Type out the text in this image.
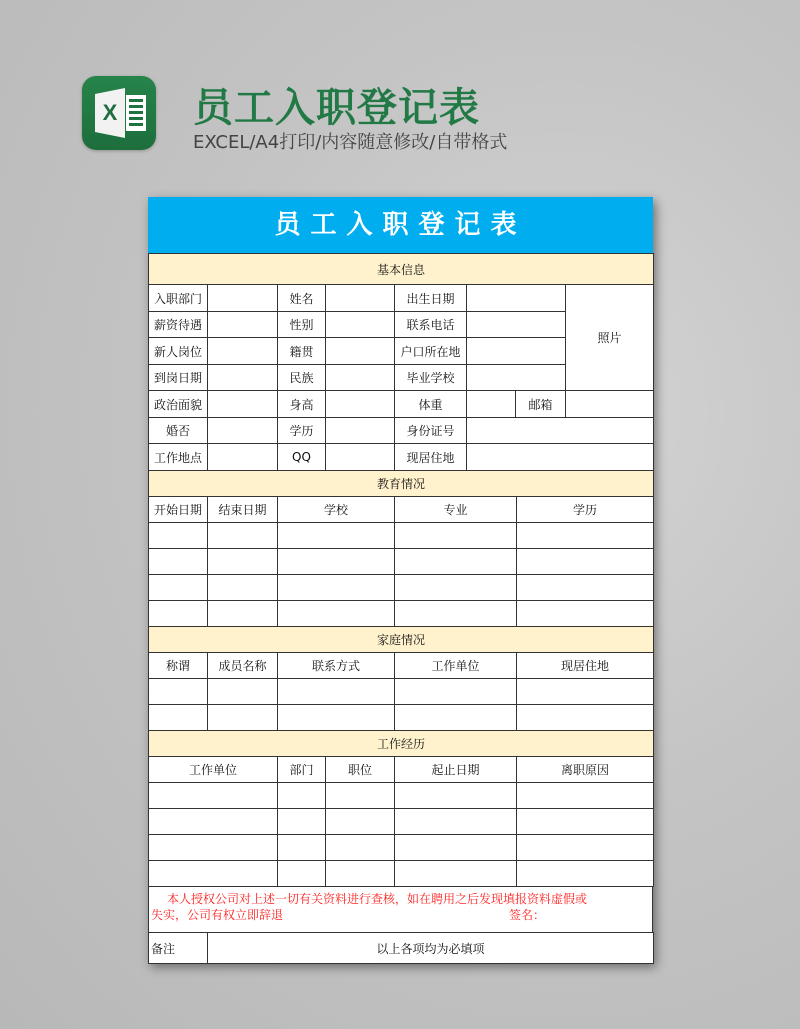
X 员工入职登记表
EXCEL/A4打印/内容随意修改/自带格式
员工入职登记表
基本信息							
入职部门		姓名		出生日期			照片
薪资待遇		性别		联系电话			
新人岗位		籍贯		户口所在地			
到岗日期		民族		毕业学校			
政治面貌		身高		体重		邮箱	
婚否		学历		身份证号			
工作地点		QQ		现居住地			
教育情况				
开始日期	结束日期	学校	专业	学历

家庭情况				
称谓	成员名称	联系方式	工作单位	现居住地

工作经历				
工作单位	部门	职位	起止日期	离职原因

本人授权公司对上述一切有关资料进行查核，如在聘用之后发现填报资料虚假或
失实，公司有权立即辞退	签名：
备注	以上各项均为必填项
